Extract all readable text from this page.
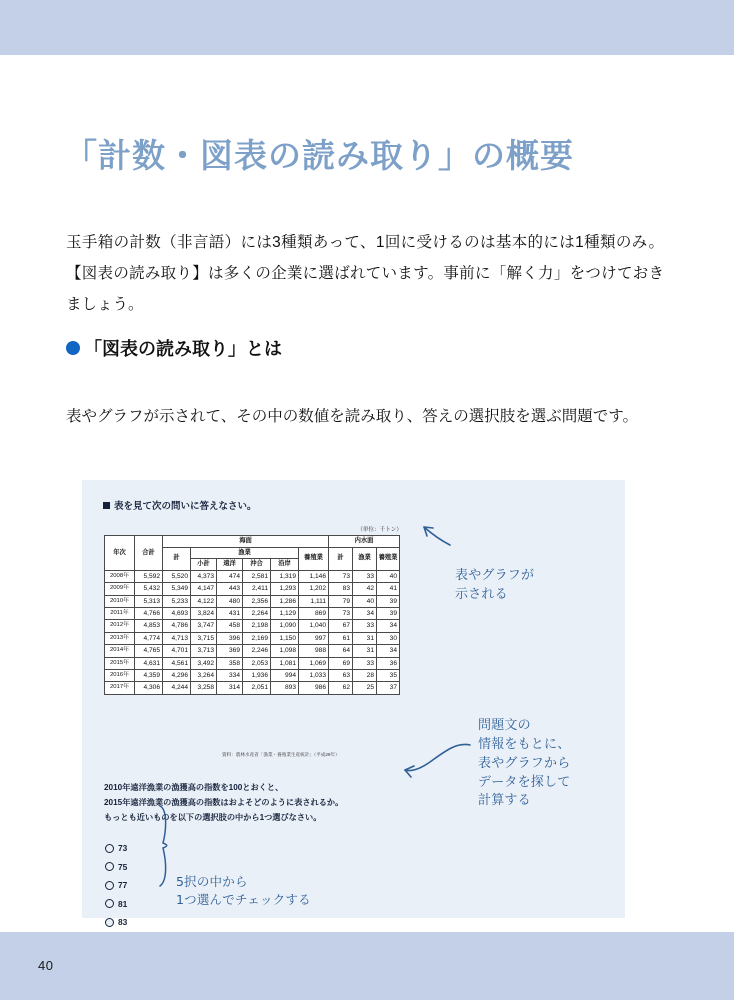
40
「計数・図表の読み取り」の概要

玉手箱の計数（非言語）には3種類あって、1回に受けるのは基本的には1種類のみ。【図表の読み取り】は多くの企業に選ばれています。事前に「解く力」をつけておきましょう。

「図表の読み取り」とは

表やグラフが示されて、その中の数値を読み取り、答えの選択肢を選ぶ問題です。

表を見て次の問いに答えなさい。
（単位：千トン）
年次	合計	海面						内水面		
		計	漁業				養殖業	計	漁業	養殖業
			小計	遠洋	沖合	沿岸				
2008年	5,592	5,520	4,373	474	2,581	1,319	1,146	73	33	40
2009年	5,432	5,349	4,147	443	2,411	1,293	1,202	83	42	41
2010年	5,313	5,233	4,122	480	2,356	1,286	1,111	79	40	39
2011年	4,766	4,693	3,824	431	2,264	1,129	869	73	34	39
2012年	4,853	4,786	3,747	458	2,198	1,090	1,040	67	33	34
2013年	4,774	4,713	3,715	396	2,169	1,150	997	61	31	30
2014年	4,765	4,701	3,713	369	2,246	1,098	988	64	31	34
2015年	4,631	4,561	3,492	358	2,053	1,081	1,069	69	33	36
2016年	4,359	4,296	3,264	334	1,936	994	1,033	63	28	35
2017年	4,306	4,244	3,258	314	2,051	893	986	62	25	37
資料：農林水産省「漁業・養殖業生産統計」（平成29年）
2010年遠洋漁業の漁獲高の指数を100とおくと、
2015年遠洋漁業の漁獲高の指数はおよそどのように表されるか。
もっとも近いものを以下の選択肢の中から1つ選びなさい。
73
75
77
81
83
表やグラフが
示される
問題文の
情報をもとに、
表やグラフから
データを探して
計算する
5択の中から
1つ選んでチェックする
